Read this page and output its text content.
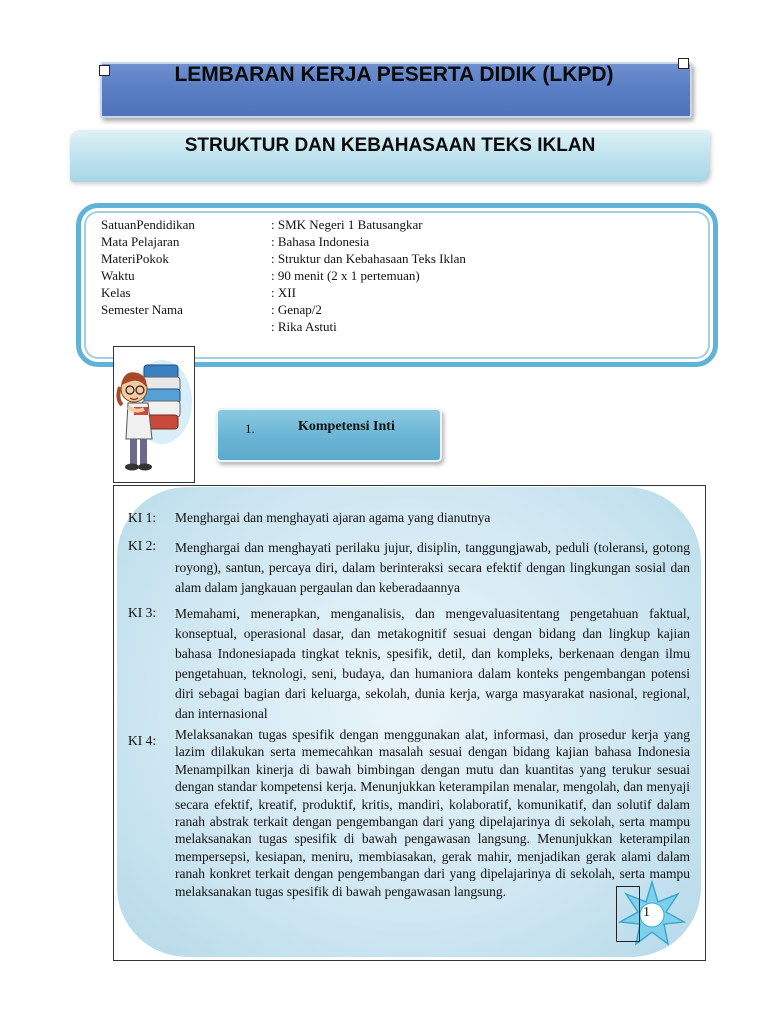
LEMBARAN KERJA PESERTA DIDIK (LKPD)
STRUKTUR DAN KEBAHASAAN TEKS IKLAN
SatuanPendidikan
Mata Pelajaran
MateriPokok
Waktu
Kelas
Semester Nama
: SMK Negeri 1 Batusangkar
: Bahasa Indonesia
: Struktur dan Kebahasaan Teks Iklan
: 90 menit (2 x 1 pertemuan)
: XII
: Genap/2
: Rika Astuti
1.	Kompetensi Inti
KI 1: Menghargai dan menghayati ajaran agama yang dianutnya
KI 2: Menghargai dan menghayati perilaku jujur, disiplin, tanggungjawab, peduli (toleransi, gotong royong), santun, percaya diri, dalam berinteraksi secara efektif dengan lingkungan sosial dan alam dalam jangkauan pergaulan dan keberadaannya
KI 3: Memahami, menerapkan, menganalisis, dan mengevaluasitentang pengetahuan faktual, konseptual, operasional dasar, dan metakognitif sesuai dengan bidang dan lingkup kajian bahasa Indonesiapada tingkat teknis, spesifik, detil, dan kompleks, berkenaan dengan ilmu pengetahuan, teknologi, seni, budaya, dan humaniora dalam konteks pengembangan potensi diri sebagai bagian dari keluarga, sekolah, dunia kerja, warga masyarakat nasional, regional, dan internasional
KI 4: Melaksanakan tugas spesifik dengan menggunakan alat, informasi, dan prosedur kerja yang lazim dilakukan serta memecahkan masalah sesuai dengan bidang kajian bahasa Indonesia Menampilkan kinerja di bawah bimbingan dengan mutu dan kuantitas yang terukur sesuai dengan standar kompetensi kerja. Menunjukkan keterampilan menalar, mengolah, dan menyaji secara efektif, kreatif, produktif, kritis, mandiri, kolaboratif, komunikatif, dan solutif dalam ranah abstrak terkait dengan pengembangan dari yang dipelajarinya di sekolah, serta mampu melaksanakan tugas spesifik di bawah pengawasan langsung. Menunjukkan keterampilan mempersepsi, kesiapan, meniru, membiasakan, gerak mahir, menjadikan gerak alami dalam ranah konkret terkait dengan pengembangan dari yang dipelajarinya di sekolah, serta mampu melaksanakan tugas spesifik di bawah pengawasan langsung.
1
